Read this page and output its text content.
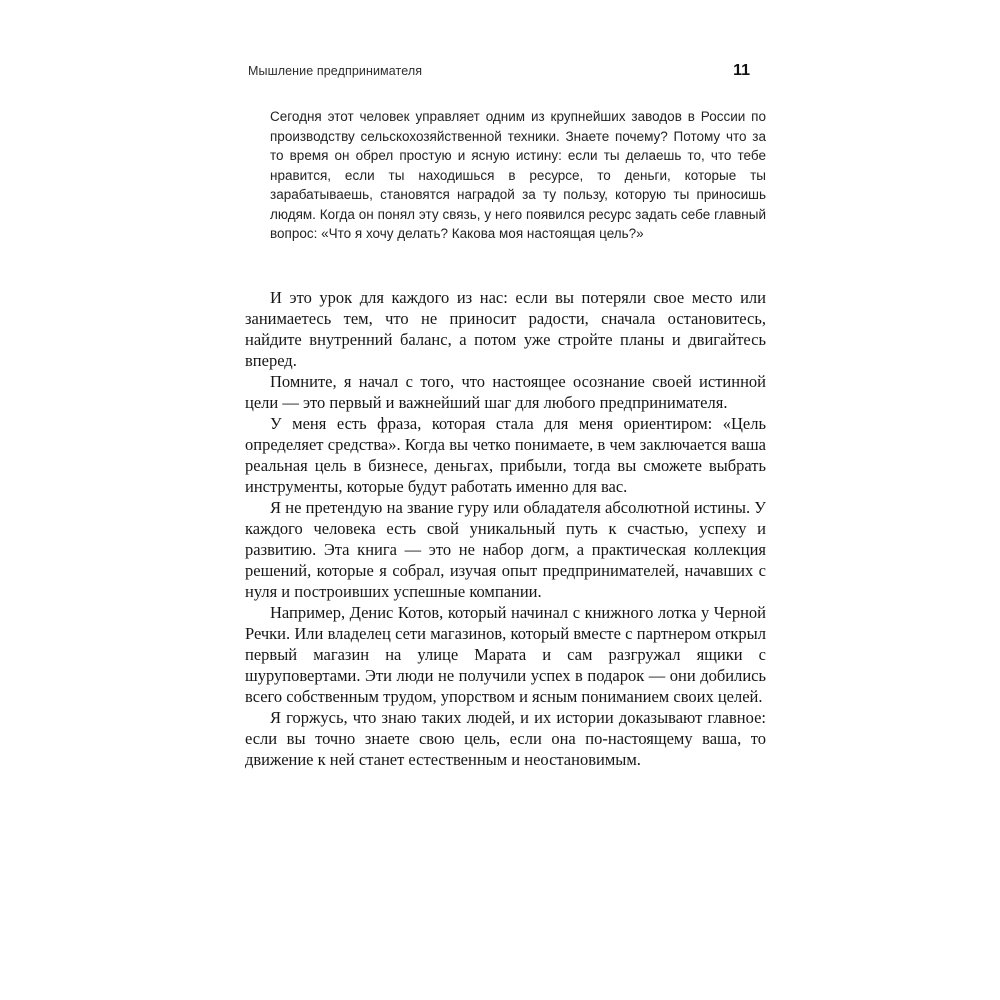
Мышление предпринимателя	11
Сегодня этот человек управляет одним из крупнейших заводов в России по производству сельскохозяйственной техники. Знаете почему? Потому что за то время он обрел простую и ясную истину: если ты делаешь то, что тебе нравится, если ты находишься в ресурсе, то деньги, которые ты зарабатываешь, становятся наградой за ту пользу, которую ты приносишь людям. Когда он понял эту связь, у него появился ресурс задать себе главный вопрос: «Что я хочу делать? Какова моя настоящая цель?»

И это урок для каждого из нас: если вы потеряли свое место или занимаетесь тем, что не приносит радости, сначала остановитесь, найдите внутренний баланс, а потом уже стройте планы и двигайтесь вперед.

Помните, я начал с того, что настоящее осознание своей истинной цели — это первый и важнейший шаг для любого предпринимателя.

У меня есть фраза, которая стала для меня ориентиром: «Цель определяет средства». Когда вы четко понимаете, в чем заключается ваша реальная цель в бизнесе, деньгах, прибыли, тогда вы сможете выбрать инструменты, которые будут работать именно для вас.

Я не претендую на звание гуру или обладателя абсолютной истины. У каждого человека есть свой уникальный путь к счастью, успеху и развитию. Эта книга — это не набор догм, а практическая коллекция решений, которые я собрал, изучая опыт предпринимателей, начавших с нуля и построивших успешные компании.

Например, Денис Котов, который начинал с книжного лотка у Черной Речки. Или владелец сети магазинов, который вместе с партнером открыл первый магазин на улице Марата и сам разгружал ящики с шуруповертами. Эти люди не получили успех в подарок — они добились всего собственным трудом, упорством и ясным пониманием своих целей.

Я горжусь, что знаю таких людей, и их истории доказывают главное: если вы точно знаете свою цель, если она по-настоящему ваша, то движение к ней станет естественным и неостановимым.
